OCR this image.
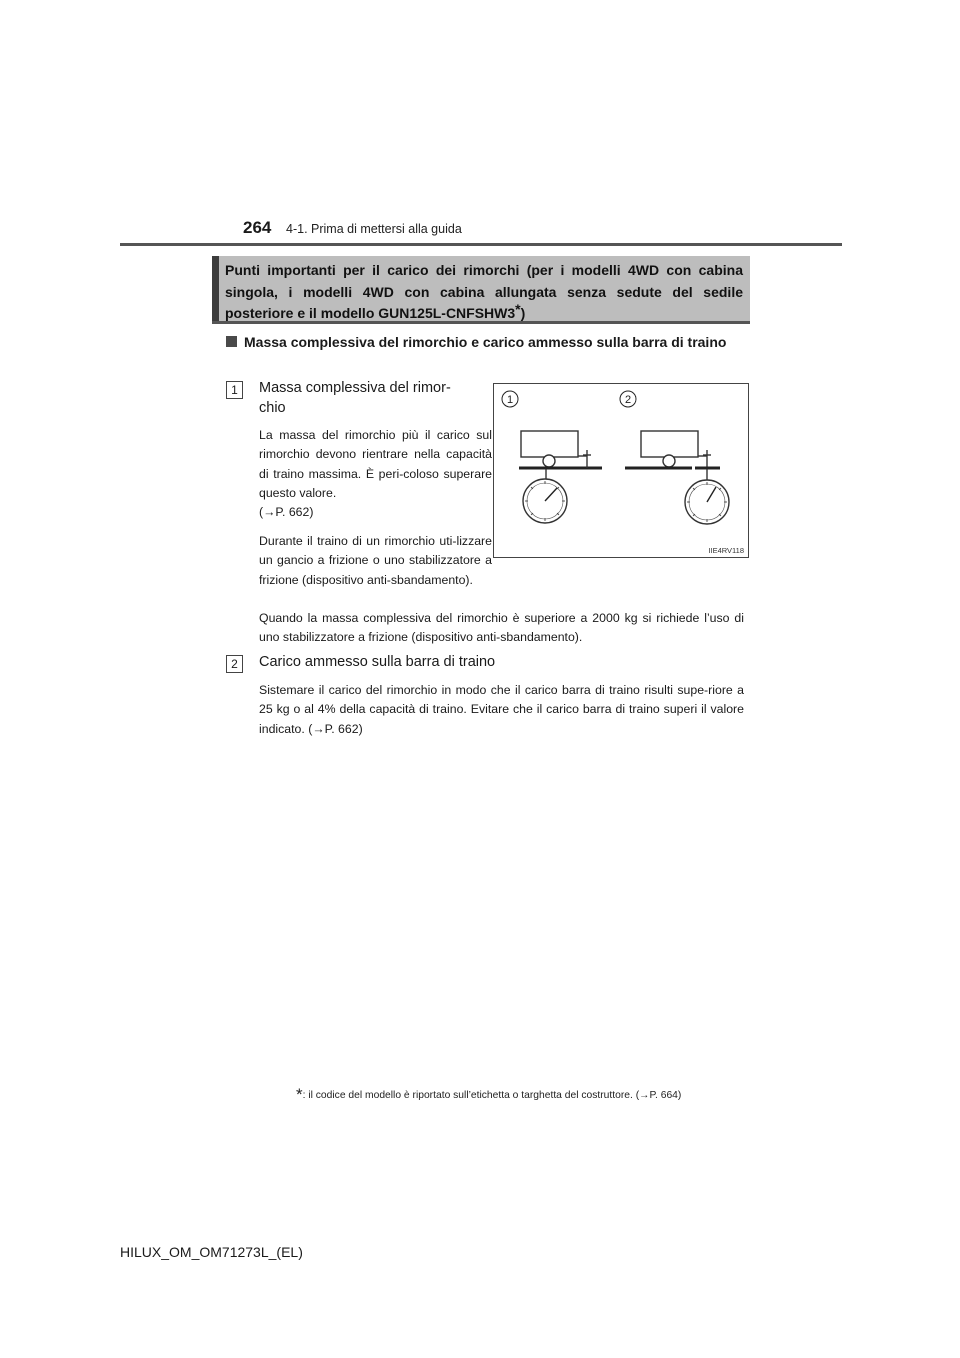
264 4-1. Prima di mettersi alla guida
Punti importanti per il carico dei rimorchi (per i modelli 4WD con cabina singola, i modelli 4WD con cabina allungata senza sedute del sedile posteriore e il modello GUN125L-CNFSHW3*)
Massa complessiva del rimorchio e carico ammesso sulla barra di traino
1	Massa complessiva del rimor-
chio
La massa del rimorchio più il carico sul rimorchio devono rientrare nella capacità di traino massima. È peri-coloso superare questo valore.
(→P. 662)
Durante il traino di un rimorchio uti-lizzare un gancio a frizione o uno stabilizzatore a frizione (dispositivo anti-sbandamento).
Quando la massa complessiva del rimorchio è superiore a 2000 kg si richiede l’uso di uno stabilizzatore a frizione (dispositivo anti-sbandamento).
1	2
IIE4RV118
2	Carico ammesso sulla barra di traino
Sistemare il carico del rimorchio in modo che il carico barra di traino risulti supe-riore a 25 kg o al 4% della capacità di traino. Evitare che il carico barra di traino superi il valore indicato. (→P. 662)
*: il codice del modello è riportato sull’etichetta o targhetta del costruttore. (→P. 664)
HILUX_OM_OM71273L_(EL)
